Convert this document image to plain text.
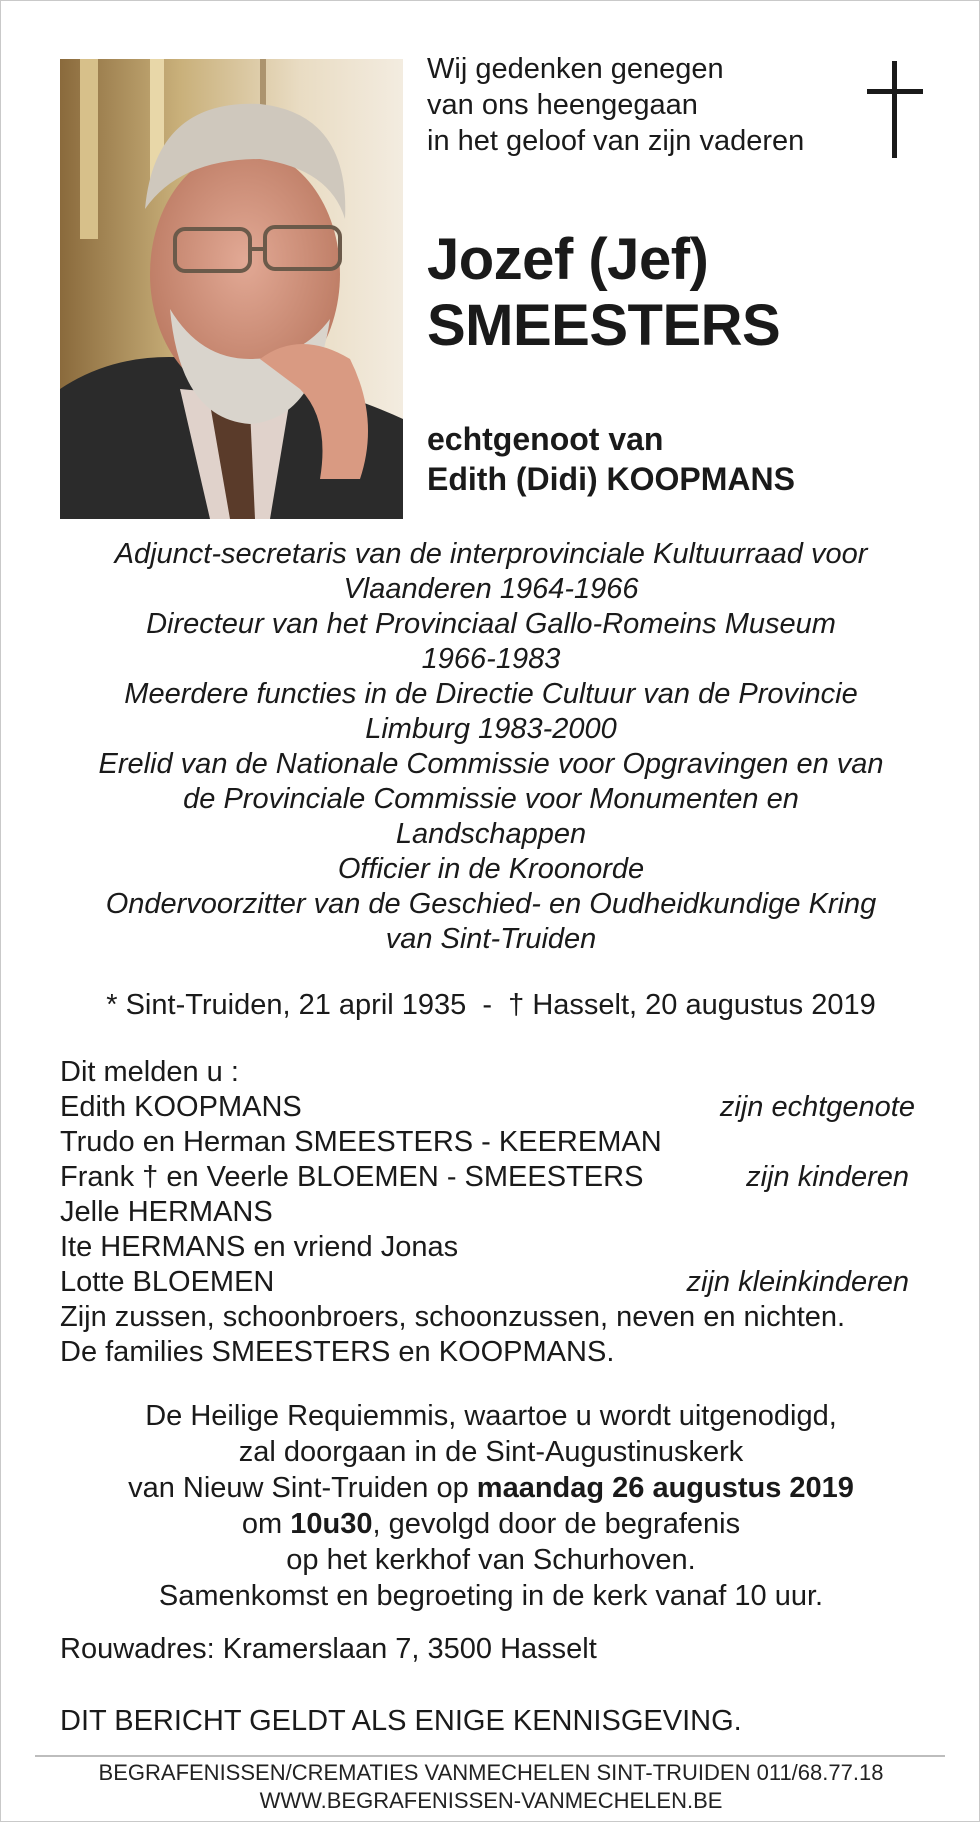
Wij gedenken genegen
van ons heengegaan
in het geloof van zijn vaderen
Jozef (Jef)
SMEESTERS
echtgenoot van
Edith (Didi) KOOPMANS
Adjunct-secretaris van de interprovinciale Kultuurraad voor
Vlaanderen 1964-1966
Directeur van het Provinciaal Gallo-Romeins Museum
1966-1983
Meerdere functies in de Directie Cultuur van de Provincie
Limburg 1983-2000
Erelid van de Nationale Commissie voor Opgravingen en van
de Provinciale Commissie voor Monumenten en
Landschappen
Officier in de Kroonorde
Ondervoorzitter van de Geschied- en Oudheidkundige Kring
van Sint-Truiden
* Sint-Truiden, 21 april 1935  -  † Hasselt, 20 augustus 2019
Dit melden u :
Edith KOOPMANS	zijn echtgenote
Trudo en Herman SMEESTERS - KEEREMAN
Frank † en Veerle BLOEMEN - SMEESTERS	zijn kinderen
Jelle HERMANS
Ite HERMANS en vriend Jonas
Lotte BLOEMEN	zijn kleinkinderen
Zijn zussen, schoonbroers, schoonzussen, neven en nichten.
De families SMEESTERS en KOOPMANS.
De Heilige Requiemmis, waartoe u wordt uitgenodigd,
zal doorgaan in de Sint-Augustinuskerk
van Nieuw Sint-Truiden op maandag 26 augustus 2019
om 10u30, gevolgd door de begrafenis
op het kerkhof van Schurhoven.
Samenkomst en begroeting in de kerk vanaf 10 uur.
Rouwadres: Kramerslaan 7, 3500 Hasselt
DIT BERICHT GELDT ALS ENIGE KENNISGEVING.
BEGRAFENISSEN/CREMATIES VANMECHELEN SINT-TRUIDEN 011/68.77.18
WWW.BEGRAFENISSEN-VANMECHELEN.BE
